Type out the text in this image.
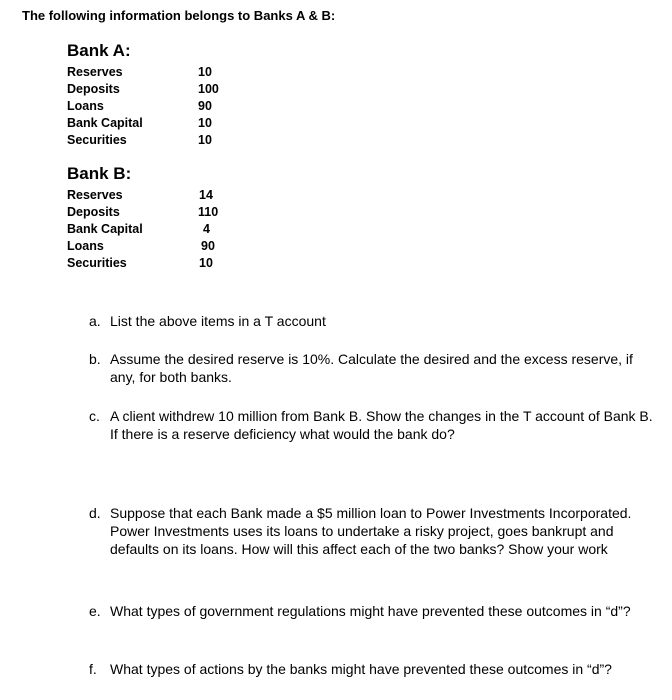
The following information belongs to Banks A & B:
Bank A:
Reserves	10
Deposits	100
Loans	90
Bank Capital	10
Securities	10
Bank B:
Reserves	14
Deposits	110
Bank Capital	4
Loans	90
Securities	10
a. List the above items in a T account
b. Assume the desired reserve is 10%. Calculate the desired and the excess reserve, if any, for both banks.
c. A client withdrew 10 million from Bank B. Show the changes in the T account of Bank B. If there is a reserve deficiency what would the bank do?
d. Suppose that each Bank made a $5 million loan to Power Investments Incorporated. Power Investments uses its loans to undertake a risky project, goes bankrupt and defaults on its loans. How will this affect each of the two banks? Show your work
e. What types of government regulations might have prevented these outcomes in “d”?
f. What types of actions by the banks might have prevented these outcomes in “d”?
